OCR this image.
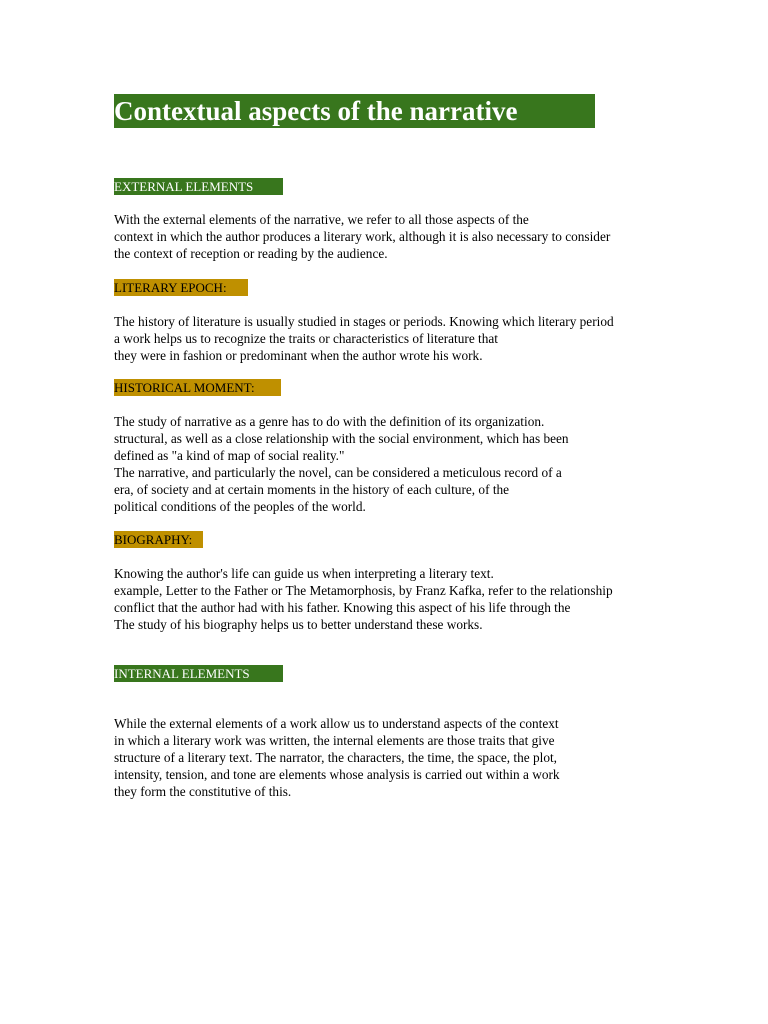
Contextual aspects of the narrative
EXTERNAL ELEMENTS
With the external elements of the narrative, we refer to all those aspects of the
context in which the author produces a literary work, although it is also necessary to consider
the context of reception or reading by the audience.
LITERARY EPOCH:
The history of literature is usually studied in stages or periods. Knowing which literary period
a work helps us to recognize the traits or characteristics of literature that
they were in fashion or predominant when the author wrote his work.
HISTORICAL MOMENT:
The study of narrative as a genre has to do with the definition of its organization.
structural, as well as a close relationship with the social environment, which has been
defined as "a kind of map of social reality."
The narrative, and particularly the novel, can be considered a meticulous record of a
era, of society and at certain moments in the history of each culture, of the
political conditions of the peoples of the world.
BIOGRAPHY:
Knowing the author's life can guide us when interpreting a literary text.
example, Letter to the Father or The Metamorphosis, by Franz Kafka, refer to the relationship
conflict that the author had with his father. Knowing this aspect of his life through the
The study of his biography helps us to better understand these works.
INTERNAL ELEMENTS
While the external elements of a work allow us to understand aspects of the context
in which a literary work was written, the internal elements are those traits that give
structure of a literary text. The narrator, the characters, the time, the space, the plot,
intensity, tension, and tone are elements whose analysis is carried out within a work
they form the constitutive of this.
